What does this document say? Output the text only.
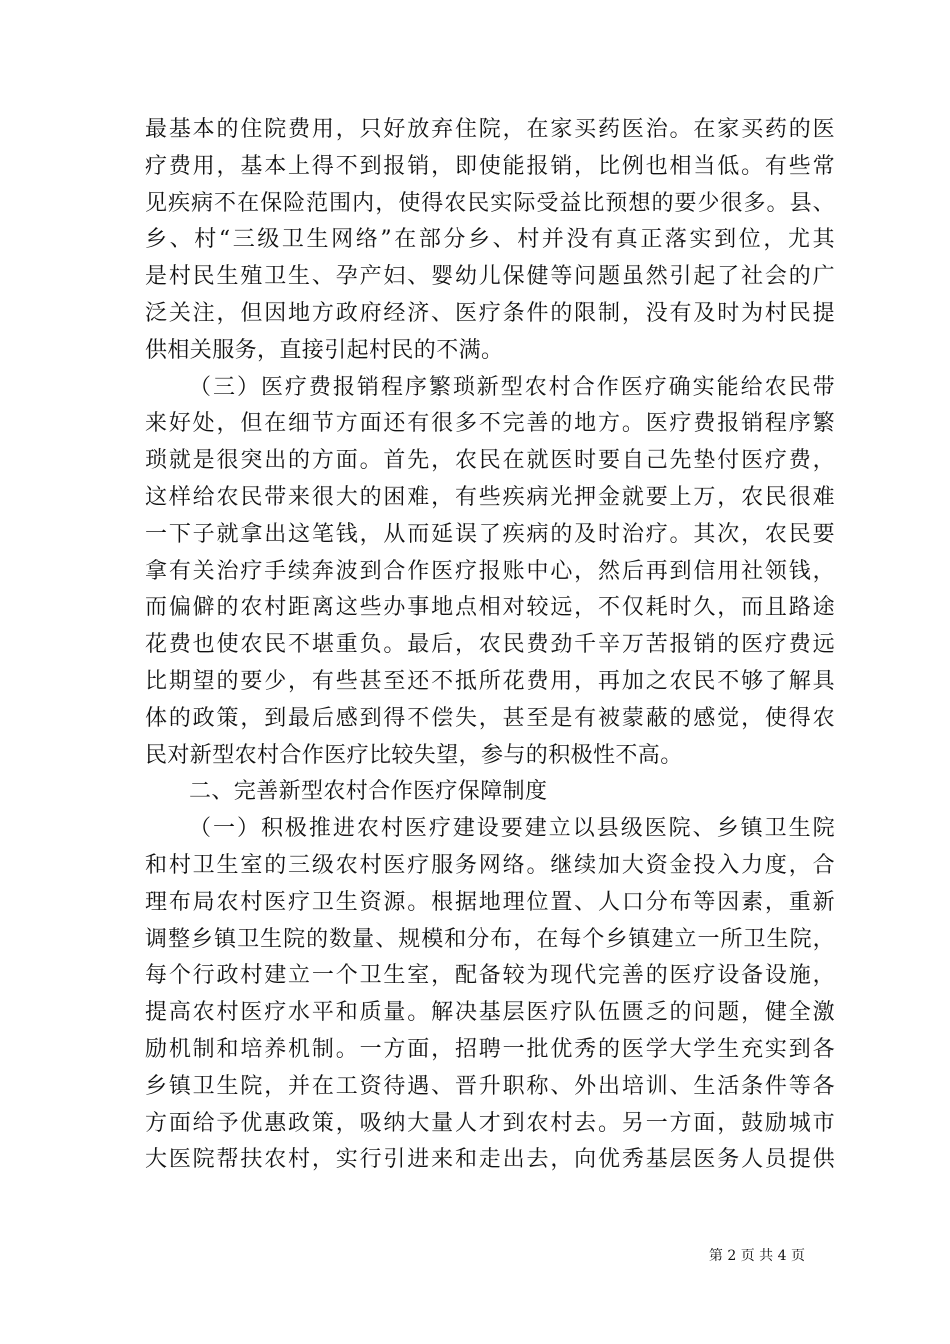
最基本的住院费用，只好放弃住院，在家买药医治。在家买药的医
疗费用，基本上得不到报销，即使能报销，比例也相当低。有些常
见疾病不在保险范围内，使得农民实际受益比预想的要少很多。县、
乡、村“三级卫生网络”在部分乡、村并没有真正落实到位，尤其
是村民生殖卫生、孕产妇、婴幼儿保健等问题虽然引起了社会的广
泛关注，但因地方政府经济、医疗条件的限制，没有及时为村民提
供相关服务，直接引起村民的不满。
（三）医疗费报销程序繁琐新型农村合作医疗确实能给农民带
来好处，但在细节方面还有很多不完善的地方。医疗费报销程序繁
琐就是很突出的方面。首先，农民在就医时要自己先垫付医疗费，
这样给农民带来很大的困难，有些疾病光押金就要上万，农民很难
一下子就拿出这笔钱，从而延误了疾病的及时治疗。其次，农民要
拿有关治疗手续奔波到合作医疗报账中心，然后再到信用社领钱，
而偏僻的农村距离这些办事地点相对较远，不仅耗时久，而且路途
花费也使农民不堪重负。最后，农民费劲千辛万苦报销的医疗费远
比期望的要少，有些甚至还不抵所花费用，再加之农民不够了解具
体的政策，到最后感到得不偿失，甚至是有被蒙蔽的感觉，使得农
民对新型农村合作医疗比较失望，参与的积极性不高。
二、完善新型农村合作医疗保障制度
（一）积极推进农村医疗建设要建立以县级医院、乡镇卫生院
和村卫生室的三级农村医疗服务网络。继续加大资金投入力度，合
理布局农村医疗卫生资源。根据地理位置、人口分布等因素，重新
调整乡镇卫生院的数量、规模和分布，在每个乡镇建立一所卫生院，
每个行政村建立一个卫生室，配备较为现代完善的医疗设备设施，
提高农村医疗水平和质量。解决基层医疗队伍匮乏的问题，健全激
励机制和培养机制。一方面，招聘一批优秀的医学大学生充实到各
乡镇卫生院，并在工资待遇、晋升职称、外出培训、生活条件等各
方面给予优惠政策，吸纳大量人才到农村去。另一方面，鼓励城市
大医院帮扶农村，实行引进来和走出去，向优秀基层医务人员提供
第 2 页 共 4 页
